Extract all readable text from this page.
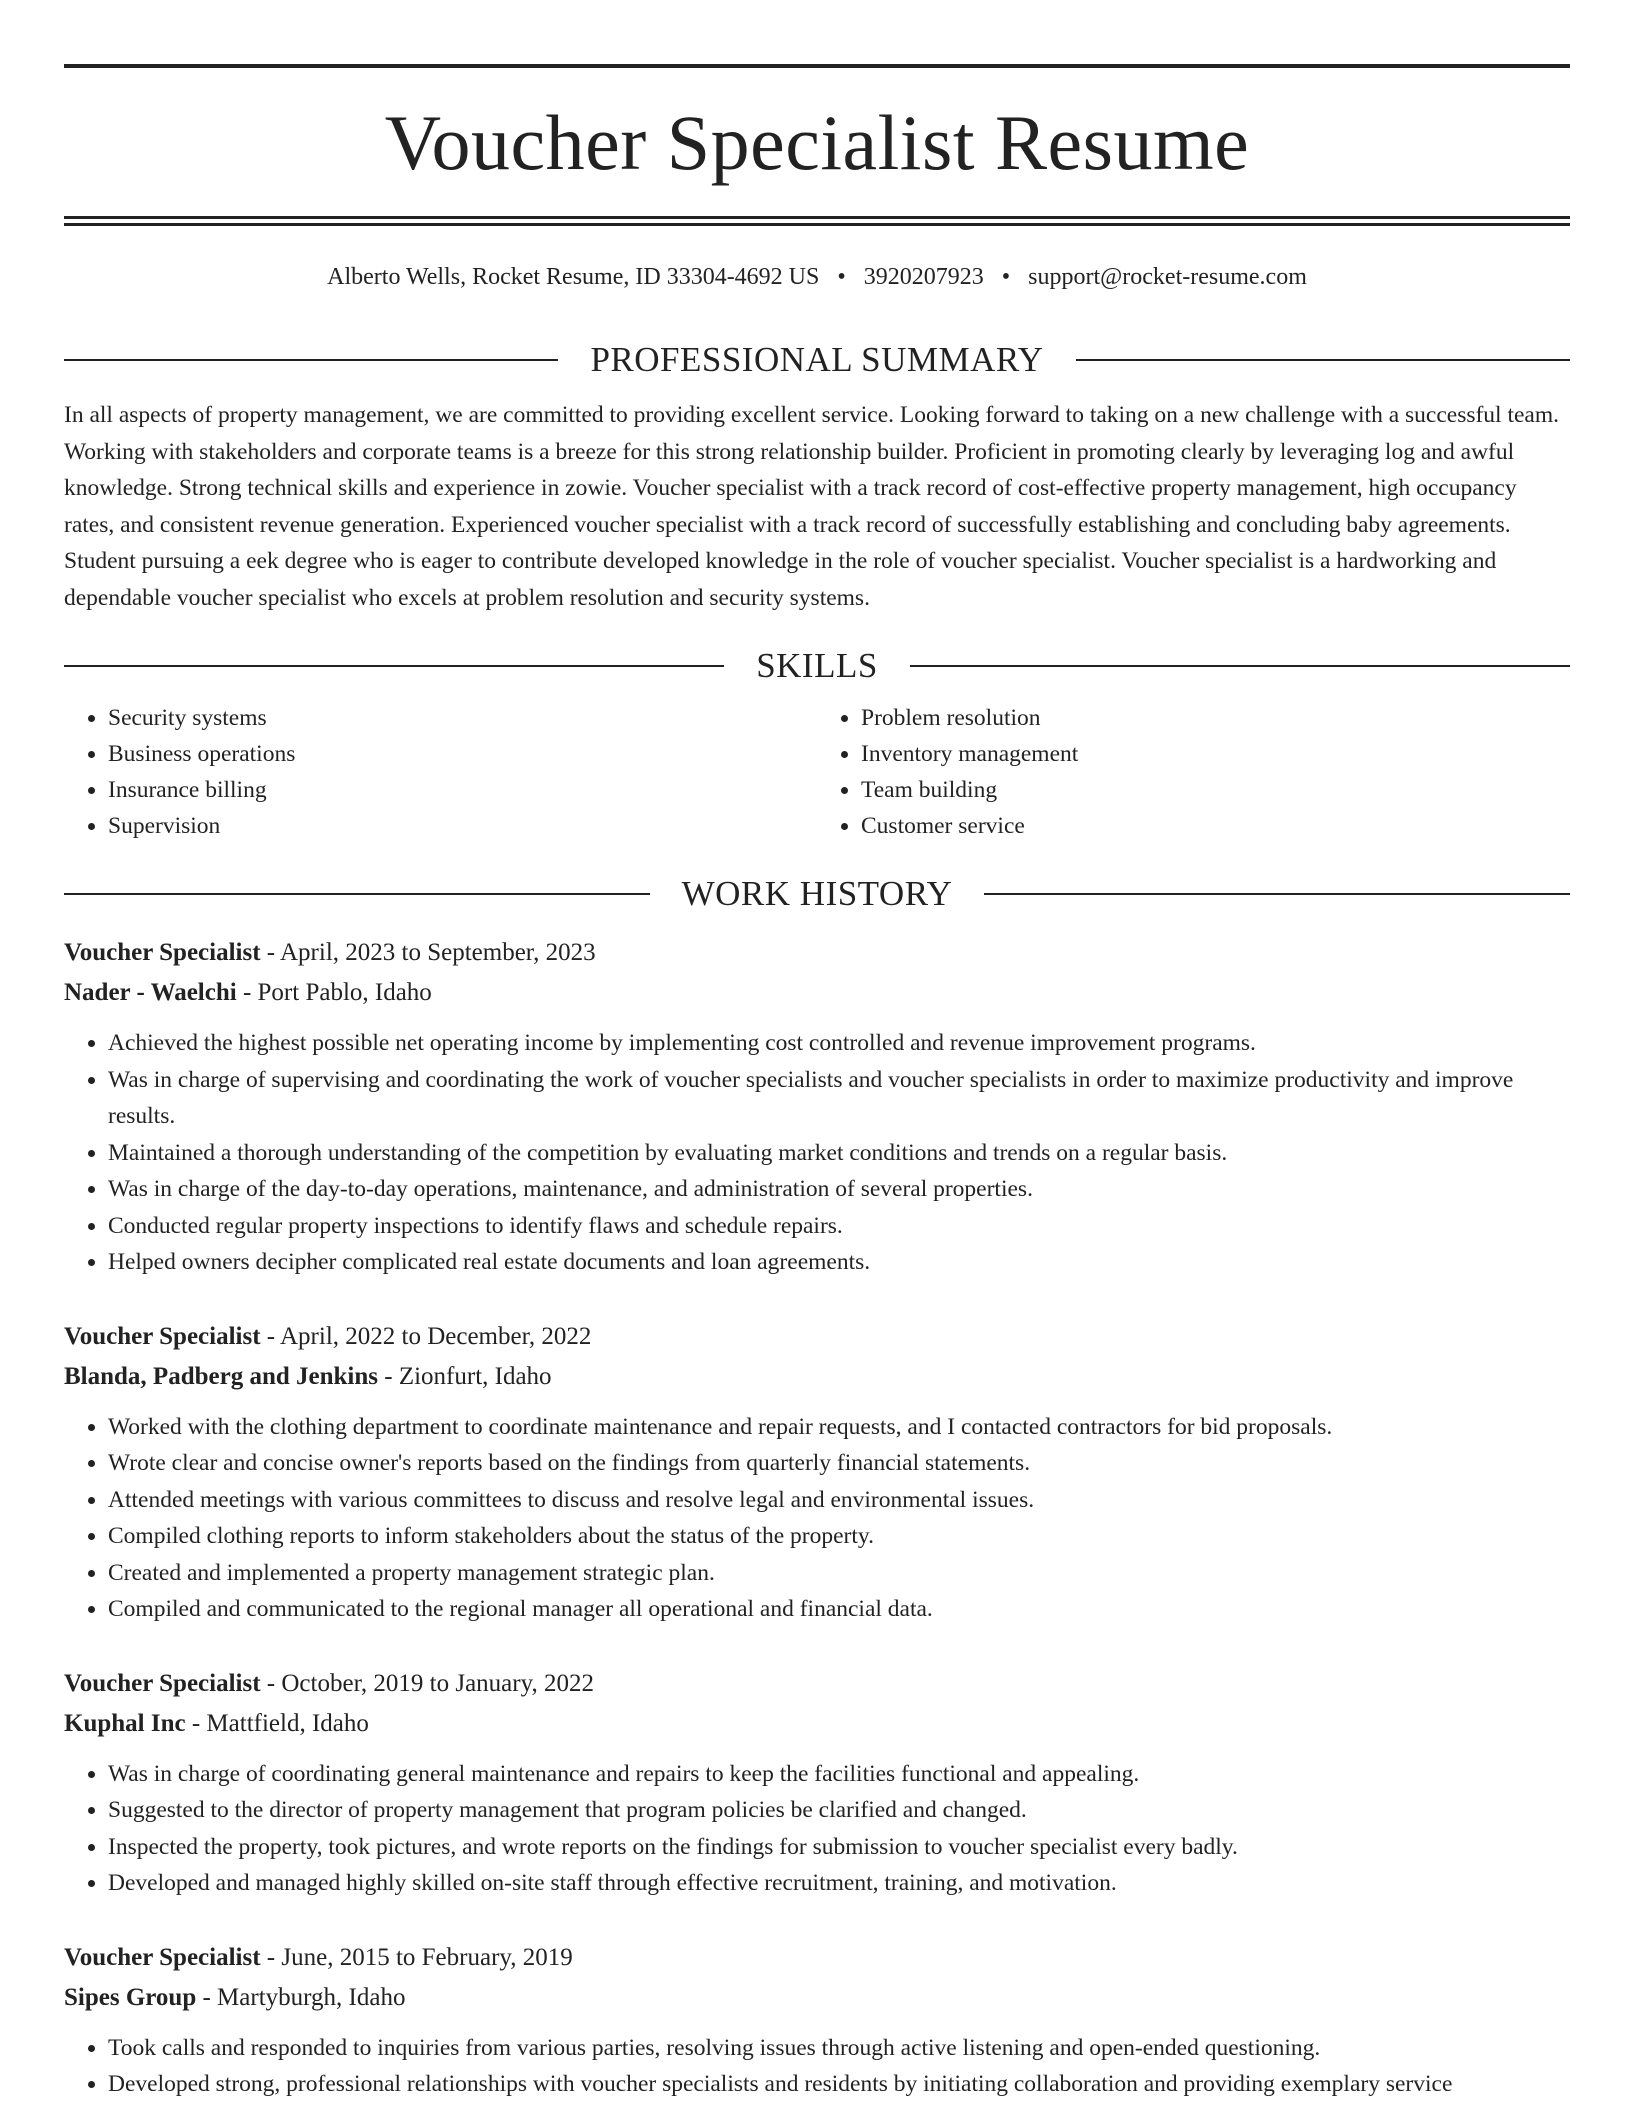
Voucher Specialist Resume
Alberto Wells, Rocket Resume, ID 33304-4692 US • 3920207923 • support@rocket-resume.com
PROFESSIONAL SUMMARY

In all aspects of property management, we are committed to providing excellent service. Looking forward to taking on a new challenge with a successful team. Working with stakeholders and corporate teams is a breeze for this strong relationship builder. Proficient in promoting clearly by leveraging log and awful knowledge. Strong technical skills and experience in zowie. Voucher specialist with a track record of cost-effective property management, high occupancy rates, and consistent revenue generation. Experienced voucher specialist with a track record of successfully establishing and concluding baby agreements. Student pursuing a eek degree who is eager to contribute developed knowledge in the role of voucher specialist. Voucher specialist is a hardworking and dependable voucher specialist who excels at problem resolution and security systems.

SKILLS
• Security systems
• Business operations
• Insurance billing
• Supervision
• Problem resolution
• Inventory management
• Team building
• Customer service
WORK HISTORY
Voucher Specialist - April, 2023 to September, 2023
Nader - Waelchi - Port Pablo, Idaho
• Achieved the highest possible net operating income by implementing cost controlled and revenue improvement programs.
• Was in charge of supervising and coordinating the work of voucher specialists and voucher specialists in order to maximize productivity and improve results.
• Maintained a thorough understanding of the competition by evaluating market conditions and trends on a regular basis.
• Was in charge of the day-to-day operations, maintenance, and administration of several properties.
• Conducted regular property inspections to identify flaws and schedule repairs.
• Helped owners decipher complicated real estate documents and loan agreements.
Voucher Specialist - April, 2022 to December, 2022
Blanda, Padberg and Jenkins - Zionfurt, Idaho
• Worked with the clothing department to coordinate maintenance and repair requests, and I contacted contractors for bid proposals.
• Wrote clear and concise owner's reports based on the findings from quarterly financial statements.
• Attended meetings with various committees to discuss and resolve legal and environmental issues.
• Compiled clothing reports to inform stakeholders about the status of the property.
• Created and implemented a property management strategic plan.
• Compiled and communicated to the regional manager all operational and financial data.
Voucher Specialist - October, 2019 to January, 2022
Kuphal Inc - Mattfield, Idaho
• Was in charge of coordinating general maintenance and repairs to keep the facilities functional and appealing.
• Suggested to the director of property management that program policies be clarified and changed.
• Inspected the property, took pictures, and wrote reports on the findings for submission to voucher specialist every badly.
• Developed and managed highly skilled on-site staff through effective recruitment, training, and motivation.
Voucher Specialist - June, 2015 to February, 2019
Sipes Group - Martyburgh, Idaho
• Took calls and responded to inquiries from various parties, resolving issues through active listening and open-ended questioning.
• Developed strong, professional relationships with voucher specialists and residents by initiating collaboration and providing exemplary service
